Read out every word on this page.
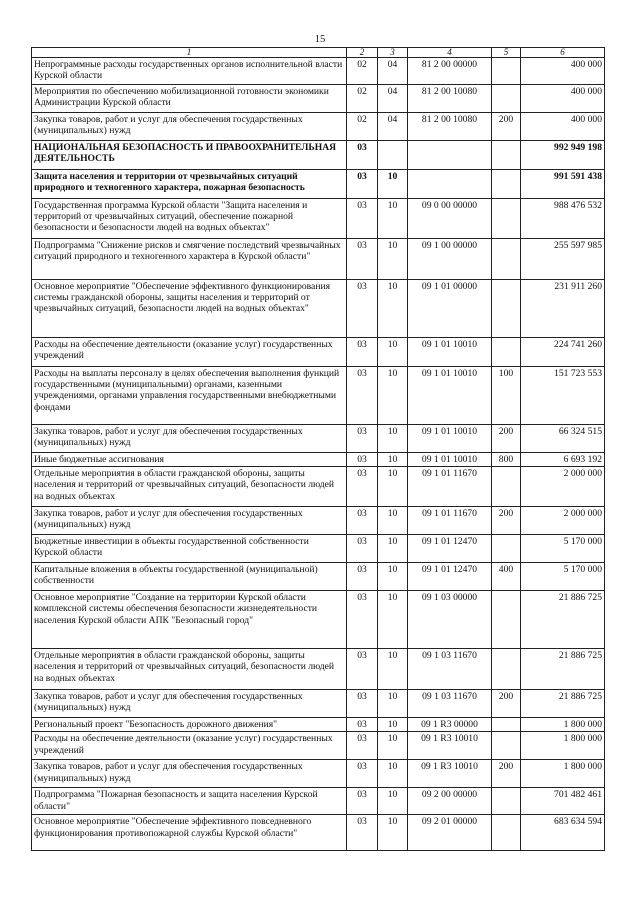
15
1	2	3	4	5	6
Непрограммные расходы государственных органов исполнительной власти Курской области	02	04	81 2 00 00000		400 000
Мероприятия по обеспечению мобилизационной готовности экономики Администрации Курской области	02	04	81 2 00 10080		400 000
Закупка товаров, работ и услуг для обеспечения государственных (муниципальных) нужд	02	04	81 2 00 10080	200	400 000
НАЦИОНАЛЬНАЯ БЕЗОПАСНОСТЬ И ПРАВООХРАНИТЕЛЬНАЯ ДЕЯТЕЛЬНОСТЬ	03				992 949 198
Защита населения и территории от чрезвычайных ситуаций природного и техногенного характера, пожарная безопасность	03	10			991 591 438
Государственная программа Курской области "Защита населения и территорий от чрезвычайных ситуаций, обеспечение пожарной безопасности и безопасности людей на водных объектах"	03	10	09 0 00 00000		988 476 532
Подпрограмма "Снижение рисков и смягчение последствий чрезвычайных ситуаций природного и техногенного характера в Курской области"	03	10	09 1 00 00000		255 597 985
Основное мероприятие "Обеспечение эффективного функционирования системы гражданской обороны, защиты населения и территорий от чрезвычайных ситуаций, безопасности людей на водных объектах"	03	10	09 1 01 00000		231 911 260
Расходы на обеспечение деятельности (оказание услуг) государственных учреждений	03	10	09 1 01 10010		224 741 260
Расходы на выплаты персоналу в целях обеспечения выполнения функций государственными (муниципальными) органами, казенными учреждениями, органами управления государственными внебюджетными фондами	03	10	09 1 01 10010	100	151 723 553
Закупка товаров, работ и услуг для обеспечения государственных (муниципальных) нужд	03	10	09 1 01 10010	200	66 324 515
Иные бюджетные ассигнования	03	10	09 1 01 10010	800	6 693 192
Отдельные мероприятия в области гражданской обороны, защиты населения и территорий от чрезвычайных ситуаций, безопасности людей на водных объектах	03	10	09 1 01 11670		2 000 000
Закупка товаров, работ и услуг для обеспечения государственных (муниципальных) нужд	03	10	09 1 01 11670	200	2 000 000
Бюджетные инвестиции в объекты государственной собственности Курской области	03	10	09 1 01 12470		5 170 000
Капитальные вложения в объекты государственной (муниципальной) собственности	03	10	09 1 01 12470	400	5 170 000
Основное мероприятие "Создание на территории Курской области комплексной системы обеспечения безопасности жизнедеятельности населения Курской области АПК "Безопасный город"	03	10	09 1 03 00000		21 886 725
Отдельные мероприятия в области гражданской обороны, защиты населения и территорий от чрезвычайных ситуаций, безопасности людей на водных объектах	03	10	09 1 03 11670		21 886 725
Закупка товаров, работ и услуг для обеспечения государственных (муниципальных) нужд	03	10	09 1 03 11670	200	21 886 725
Региональный проект "Безопасность дорожного движения"	03	10	09 1 R3 00000		1 800 000
Расходы на обеспечение деятельности (оказание услуг) государственных учреждений	03	10	09 1 R3 10010		1 800 000
Закупка товаров, работ и услуг для обеспечения государственных (муниципальных) нужд	03	10	09 1 R3 10010	200	1 800 000
Подпрограмма "Пожарная безопасность и защита населения Курской области"	03	10	09 2 00 00000		701 482 461
Основное мероприятие "Обеспечение эффективного повседневного функционирования противопожарной службы Курской области"	03	10	09 2 01 00000		683 634 594
